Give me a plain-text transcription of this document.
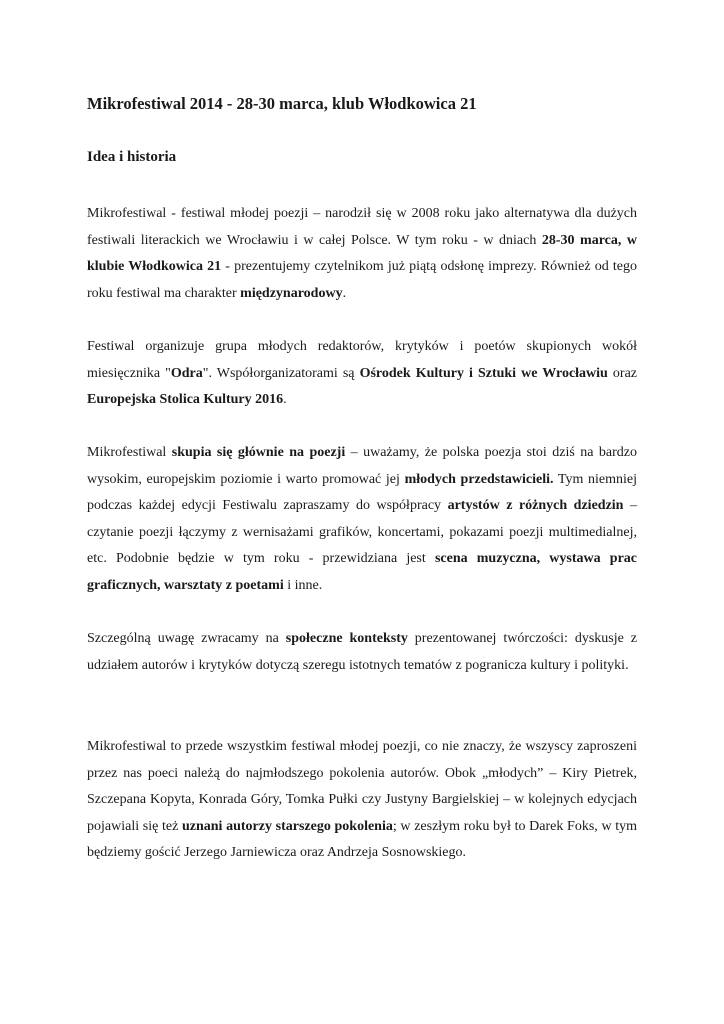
Mikrofestiwal 2014 - 28-30 marca, klub Włodkowica 21
Idea i historia

Mikrofestiwal - festiwal młodej poezji – narodził się w 2008 roku jako alternatywa dla dużych festiwali literackich we Wrocławiu i w całej Polsce. W tym roku - w dniach 28-30 marca, w klubie Włodkowica 21 - prezentujemy czytelnikom już piątą odsłonę imprezy. Również od tego roku festiwal ma charakter międzynarodowy.

Festiwal organizuje grupa młodych redaktorów, krytyków i poetów skupionych wokół miesięcznika "Odra". Współorganizatorami są Ośrodek Kultury i Sztuki we Wrocławiu oraz Europejska Stolica Kultury 2016.

Mikrofestiwal skupia się głównie na poezji – uważamy, że polska poezja stoi dziś na bardzo wysokim, europejskim poziomie i warto promować jej młodych przedstawicieli. Tym niemniej podczas każdej edycji Festiwalu zapraszamy do współpracy artystów z różnych dziedzin – czytanie poezji łączymy z wernisażami grafików, koncertami, pokazami poezji multimedialnej, etc. Podobnie będzie w tym roku - przewidziana jest scena muzyczna, wystawa prac graficznych, warsztaty z poetami i inne.

Szczególną uwagę zwracamy na społeczne konteksty prezentowanej twórczości: dyskusje z udziałem autorów i krytyków dotyczą szeregu istotnych tematów z pogranicza kultury i polityki.

Mikrofestiwal to przede wszystkim festiwal młodej poezji, co nie znaczy, że wszyscy zaproszeni przez nas poeci należą do najmłodszego pokolenia autorów. Obok „młodych” – Kiry Pietrek, Szczepana Kopyta, Konrada Góry, Tomka Pułki czy Justyny Bargielskiej – w kolejnych edycjach pojawiali się też uznani autorzy starszego pokolenia; w zeszłym roku był to Darek Foks, w tym będziemy gościć Jerzego Jarniewicza oraz Andrzeja Sosnowskiego.
